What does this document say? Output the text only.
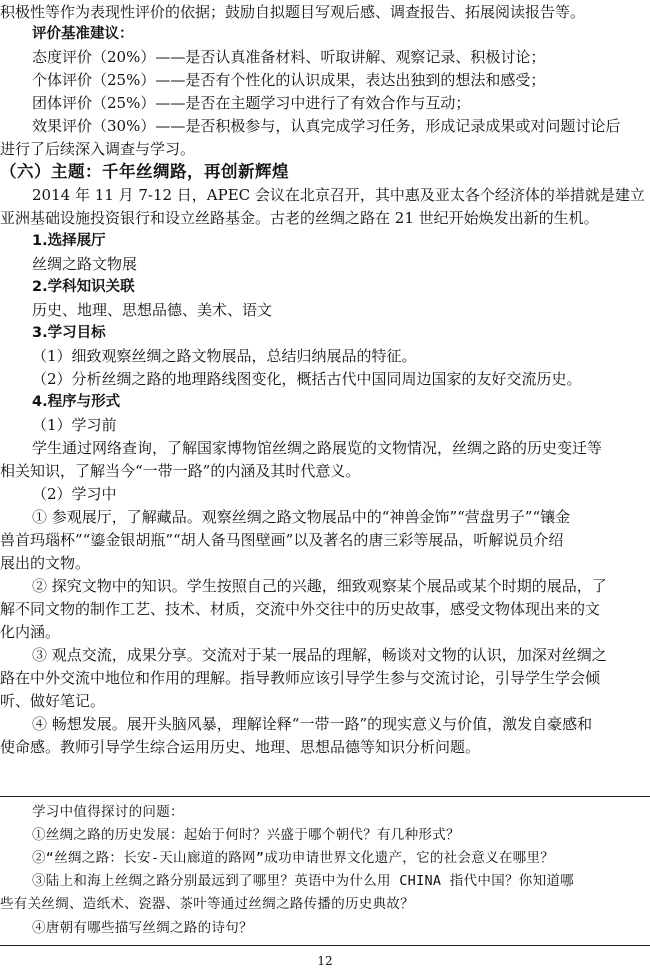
积极性等作为表现性评价的依据；鼓励自拟题目写观后感、调查报告、拓展阅读报告等。
评价基准建议：
态度评价（20%）——是否认真准备材料、听取讲解、观察记录、积极讨论；
个体评价（25%）——是否有个性化的认识成果，表达出独到的想法和感受；
团体评价（25%）——是否在主题学习中进行了有效合作与互动；
效果评价（30%）——是否积极参与，认真完成学习任务，形成记录成果或对问题讨论后
进行了后续深入调查与学习。
（六）主题：千年丝绸路，再创新辉煌
2014 年 11 月 7-12 日，APEC 会议在北京召开，其中惠及亚太各个经济体的举措就是建立
亚洲基础设施投资银行和设立丝路基金。古老的丝绸之路在 21 世纪开始焕发出新的生机。
1.选择展厅
丝绸之路文物展
2.学科知识关联
历史、地理、思想品德、美术、语文
3.学习目标
（1）细致观察丝绸之路文物展品，总结归纳展品的特征。
（2）分析丝绸之路的地理路线图变化，概括古代中国同周边国家的友好交流历史。
4.程序与形式
（1）学习前
学生通过网络查询，了解国家博物馆丝绸之路展览的文物情况，丝绸之路的历史变迁等
相关知识，了解当今“一带一路”的内涵及其时代意义。
（2）学习中
① 参观展厅，了解藏品。观察丝绸之路文物展品中的“神兽金饰”“营盘男子”“镶金
兽首玛瑙杯”“鎏金银胡瓶”“胡人备马图壁画”以及著名的唐三彩等展品，听解说员介绍
展出的文物。
② 探究文物中的知识。学生按照自己的兴趣，细致观察某个展品或某个时期的展品，了
解不同文物的制作工艺、技术、材质，交流中外交往中的历史故事，感受文物体现出来的文
化内涵。
③ 观点交流，成果分享。交流对于某一展品的理解，畅谈对文物的认识，加深对丝绸之
路在中外交流中地位和作用的理解。指导教师应该引导学生参与交流讨论，引导学生学会倾
听、做好笔记。
④ 畅想发展。展开头脑风暴，理解诠释“一带一路”的现实意义与价值，激发自豪感和
使命感。教师引导学生综合运用历史、地理、思想品德等知识分析问题。
学习中值得探讨的问题：
①丝绸之路的历史发展：起始于何时？兴盛于哪个朝代？有几种形式？
②“丝绸之路：长安-天山廊道的路网”成功申请世界文化遗产，它的社会意义在哪里？
③陆上和海上丝绸之路分别最远到了哪里？英语中为什么用 CHINA 指代中国？你知道哪
些有关丝绸、造纸术、瓷器、茶叶等通过丝绸之路传播的历史典故？
④唐朝有哪些描写丝绸之路的诗句？
12
